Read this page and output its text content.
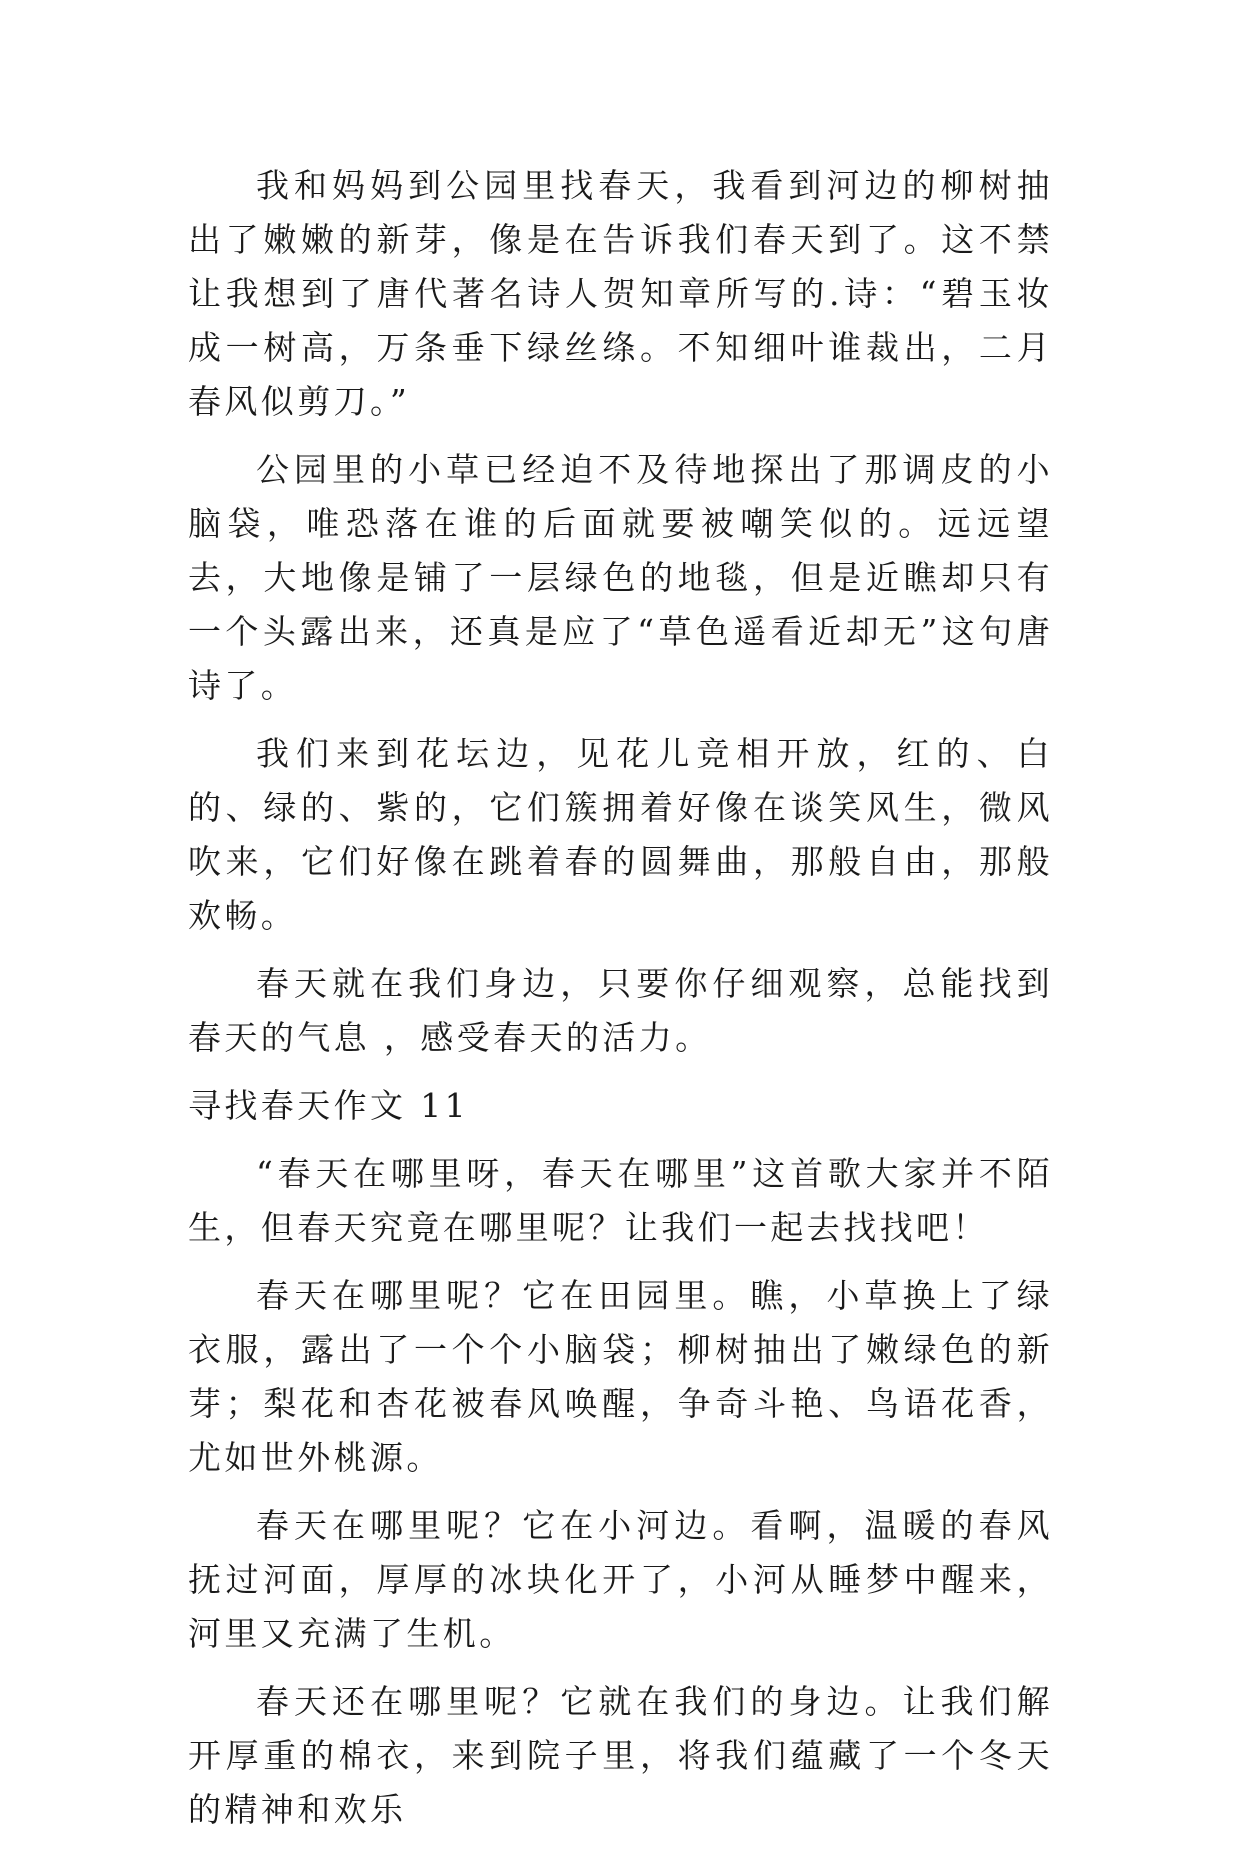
我和妈妈到公园里找春天，我看到河边的柳树抽出了嫩嫩的新芽，像是在告诉我们春天到了。这不禁让我想到了唐代著名诗人贺知章所写的.诗：“碧玉妆成一树高，万条垂下绿丝绦。不知细叶谁裁出，二月春风似剪刀。”

公园里的小草已经迫不及待地探出了那调皮的小脑袋，唯恐落在谁的后面就要被嘲笑似的。远远望去，大地像是铺了一层绿色的地毯，但是近瞧却只有一个头露出来，还真是应了“草色遥看近却无”这句唐诗了。

我们来到花坛边，见花儿竞相开放，红的、白的、绿的、紫的，它们簇拥着好像在谈笑风生，微风吹来，它们好像在跳着春的圆舞曲，那般自由，那般欢畅。

春天就在我们身边，只要你仔细观察，总能找到春天的气息 ，感受春天的活力。

寻找春天作文 11

“春天在哪里呀，春天在哪里”这首歌大家并不陌生，但春天究竟在哪里呢？让我们一起去找找吧！

春天在哪里呢？它在田园里。瞧，小草换上了绿衣服，露出了一个个小脑袋；柳树抽出了嫩绿色的新芽；梨花和杏花被春风唤醒，争奇斗艳、鸟语花香，尤如世外桃源。

春天在哪里呢？它在小河边。看啊，温暖的春风抚过河面，厚厚的冰块化开了，小河从睡梦中醒来，河里又充满了生机。

春天还在哪里呢？它就在我们的身边。让我们解开厚重的棉衣，来到院子里，将我们蕴藏了一个冬天的精神和欢乐
